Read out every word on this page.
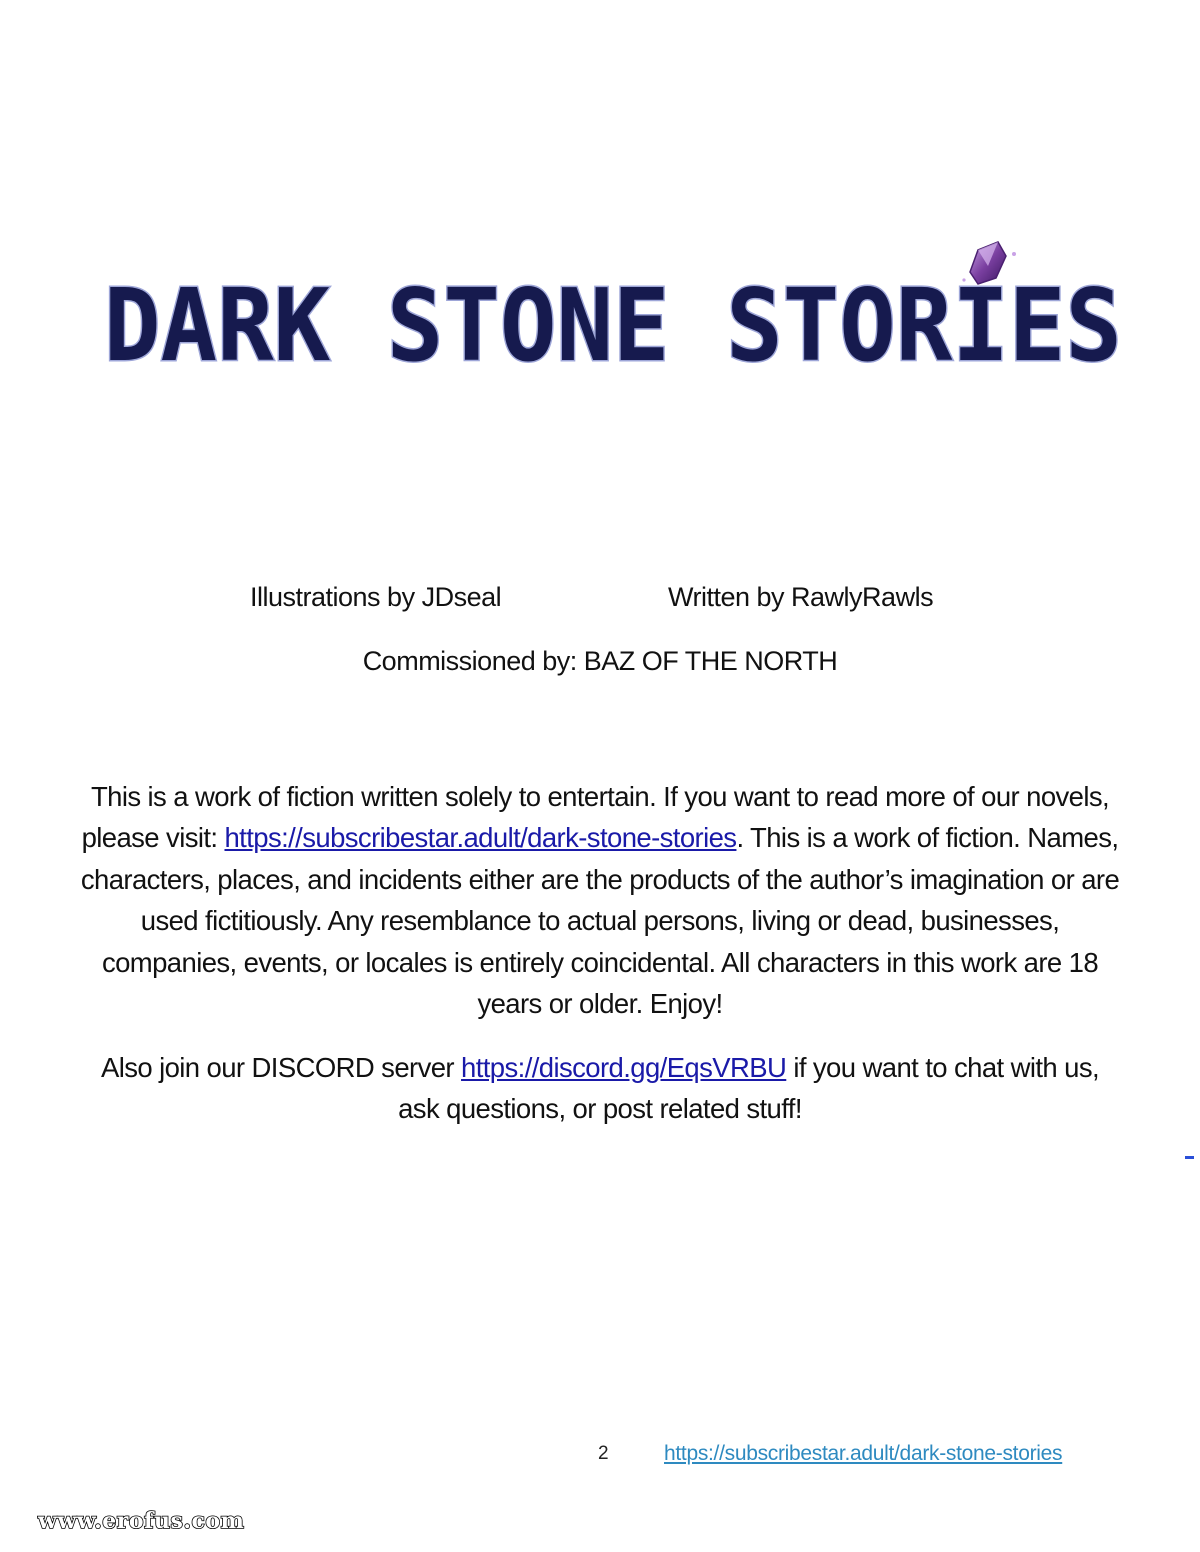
DARK STONE STORIES
Illustrations by JDseal	Written by RawlyRawls
Commissioned by: BAZ OF THE NORTH
This is a work of fiction written solely to entertain. If you want to read more of our novels, please visit: https://subscribestar.adult/dark-stone-stories. This is a work of fiction. Names, characters, places, and incidents either are the products of the author’s imagination or are used fictitiously. Any resemblance to actual persons, living or dead, businesses, companies, events, or locales is entirely coincidental. All characters in this work are 18 years or older. Enjoy!
Also join our DISCORD server https://discord.gg/EqsVRBU if you want to chat with us, ask questions, or post related stuff!
2	https://subscribestar.adult/dark-stone-stories
www.erofus.com
